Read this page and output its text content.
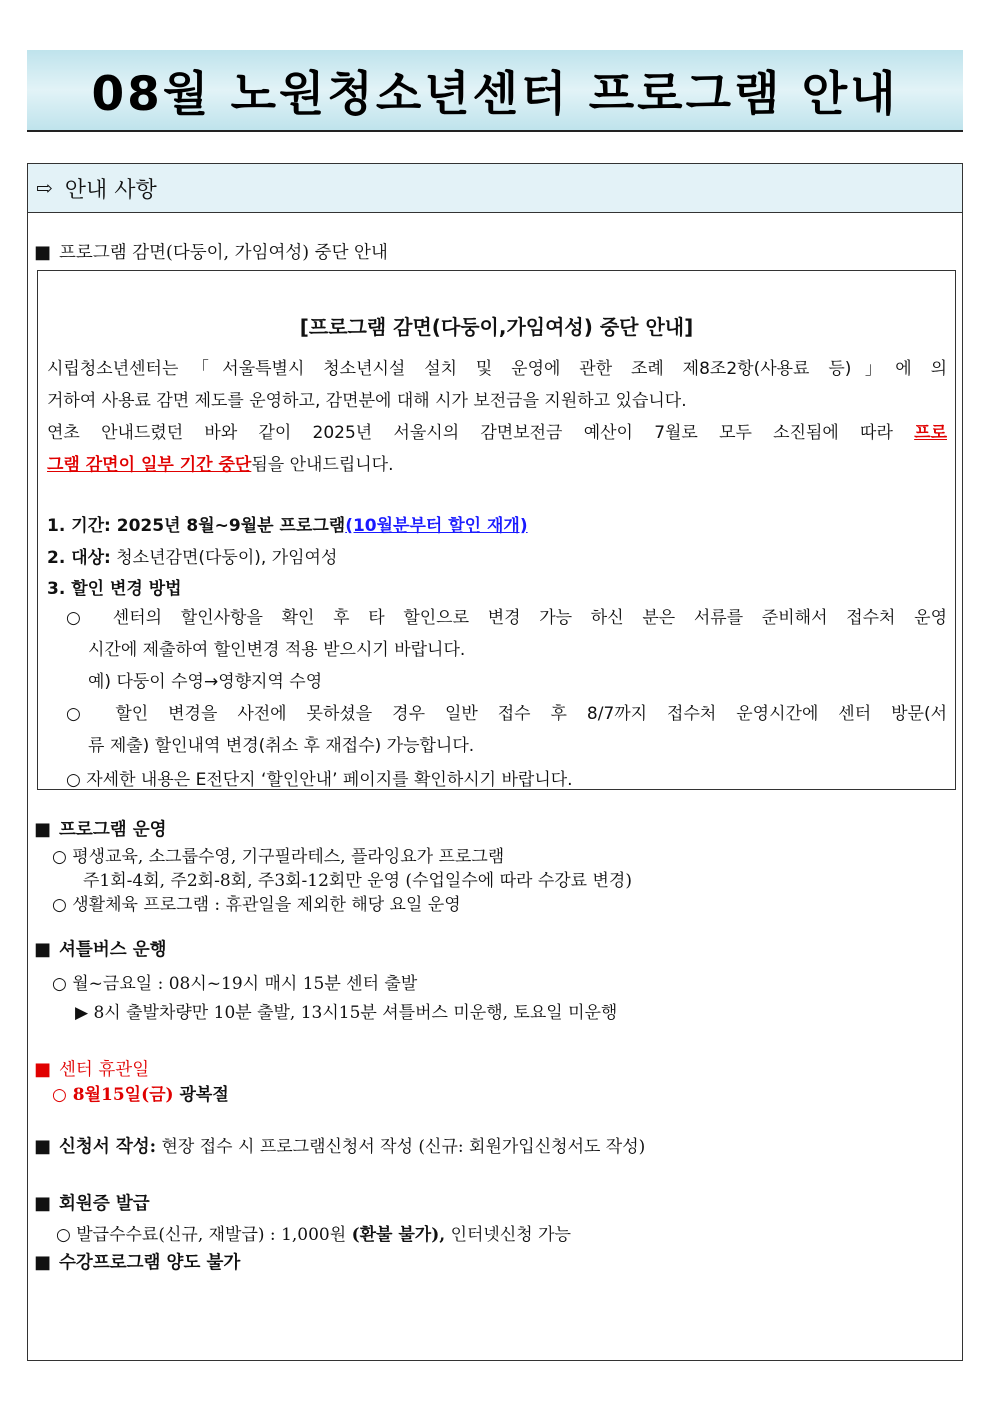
08월 노원청소년센터 프로그램 안내
⇨ 안내 사항
■ 프로그램 감면(다둥이, 가임여성) 중단 안내
[프로그램 감면(다둥이,가임여성) 중단 안내]
시립청소년센터는「서울특별시 청소년시설 설치 및 운영에 관한 조례 제8조2항(사용료 등)」에 의
거하여 사용료 감면 제도를 운영하고, 감면분에 대해 시가 보전금을 지원하고 있습니다.
연초 안내드렸던 바와 같이 2025년 서울시의 감면보전금 예산이 7월로 모두 소진됨에 따라 프로
그램 감면이 일부 기간 중단됨을 안내드립니다.
1. 기간: 2025년 8월~9월분 프로그램(10월분부터 할인 재개)
2. 대상: 청소년감면(다둥이), 가임여성
3. 할인 변경 방법
○ 센터의 할인사항을 확인 후 타 할인으로 변경 가능 하신 분은 서류를 준비해서 접수처 운영
시간에 제출하여 할인변경 적용 받으시기 바랍니다.
예) 다둥이 수영→영향지역 수영
○ 할인 변경을 사전에 못하셨을 경우 일반 접수 후 8/7까지 접수처 운영시간에 센터 방문(서
류 제출) 할인내역 변경(취소 후 재접수) 가능합니다.
○ 자세한 내용은 E전단지 ‘할인안내’ 페이지를 확인하시기 바랍니다.
■ 프로그램 운영
○ 평생교육, 소그룹수영, 기구필라테스, 플라잉요가 프로그램
주1회-4회, 주2회-8회, 주3회-12회만 운영 (수업일수에 따라 수강료 변경)
○ 생활체육 프로그램 : 휴관일을 제외한 해당 요일 운영
■ 셔틀버스 운행
○ 월~금요일 : 08시~19시 매시 15분 센터 출발
▶ 8시 출발차량만 10분 출발, 13시15분 셔틀버스 미운행, 토요일 미운행
■ 센터 휴관일
○ 8월15일(금) 광복절
■ 신청서 작성: 현장 접수 시 프로그램신청서 작성 (신규: 회원가입신청서도 작성)
■ 회원증 발급
○ 발급수수료(신규, 재발급) : 1,000원 (환불 불가), 인터넷신청 가능
■ 수강프로그램 양도 불가
